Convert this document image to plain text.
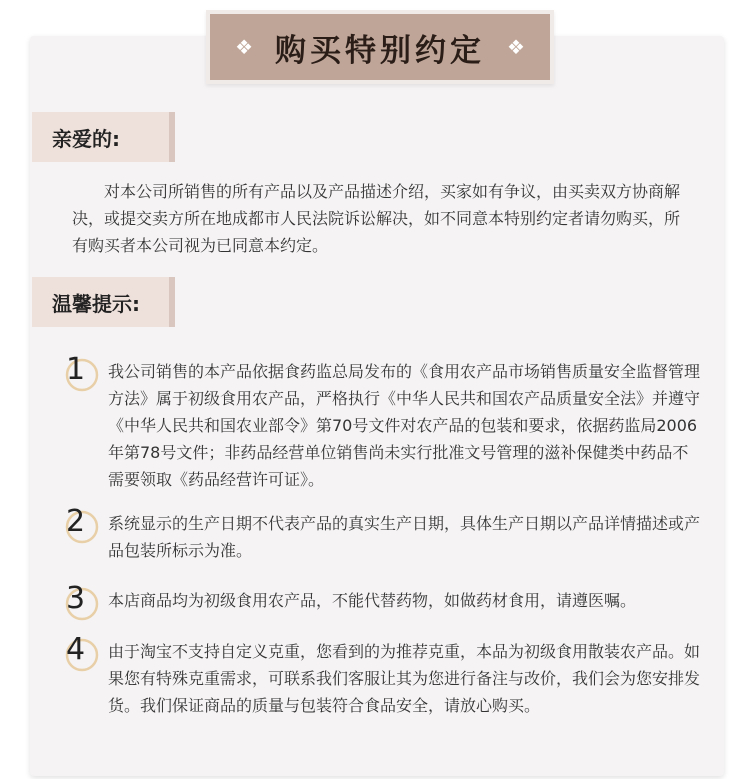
❖ 购买特别约定 ❖
亲爱的:

对本公司所销售的所有产品以及产品描述介绍，买家如有争议，由买卖双方协商解决，或提交卖方所在地成都市人民法院诉讼解决，如不同意本特别约定者请勿购买，所有购买者本公司视为已同意本约定。

温馨提示:
1 我公司销售的本产品依据食药监总局发布的《食用农产品市场销售质量安全监督管理方法》属于初级食用农产品，严格执行《中华人民共和国农产品质量安全法》并遵守《中华人民共和国农业部令》第70号文件对农产品的包装和要求，依据药监局2006年第78号文件；非药品经营单位销售尚未实行批准文号管理的滋补保健类中药品不需要领取《药品经营许可证》。

2 系统显示的生产日期不代表产品的真实生产日期，具体生产日期以产品详情描述或产品包装所标示为准。

3 本店商品均为初级食用农产品，不能代替药物，如做药材食用，请遵医嘱。

4 由于淘宝不支持自定义克重，您看到的为推荐克重，本品为初级食用散装农产品。如果您有特殊克重需求，可联系我们客服让其为您进行备注与改价，我们会为您安排发货。我们保证商品的质量与包装符合食品安全，请放心购买。
